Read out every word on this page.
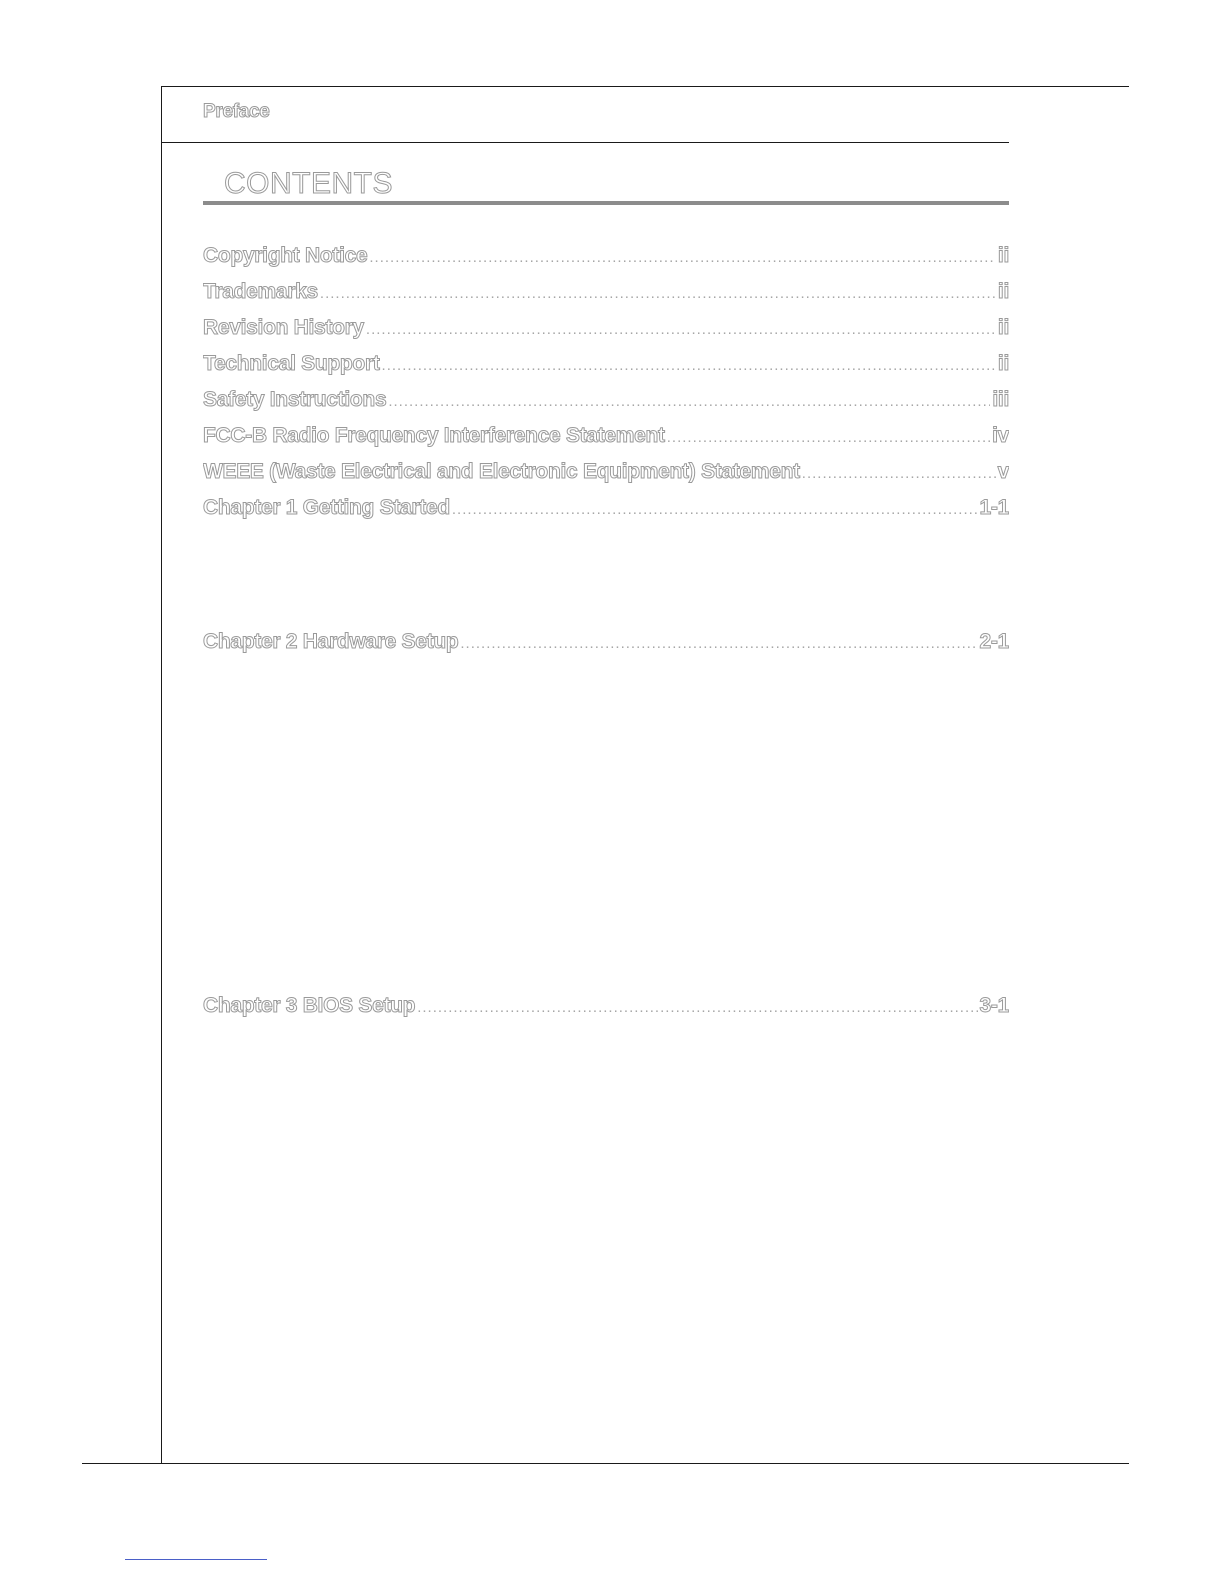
Preface
CONTENTS
Copyright Notice .....	ii
Trademarks .....	ii
Revision History .....	ii
Technical Support .....	ii
Safety Instructions .....	iii
FCC-B Radio Frequency Interference Statement .....	iv
WEEE (Waste Electrical and Electronic Equipment) Statement .....	v
Chapter 1 Getting Started .....	1-1
Chapter 2 Hardware Setup .....	2-1
Chapter 3 BIOS Setup .....	3-1
